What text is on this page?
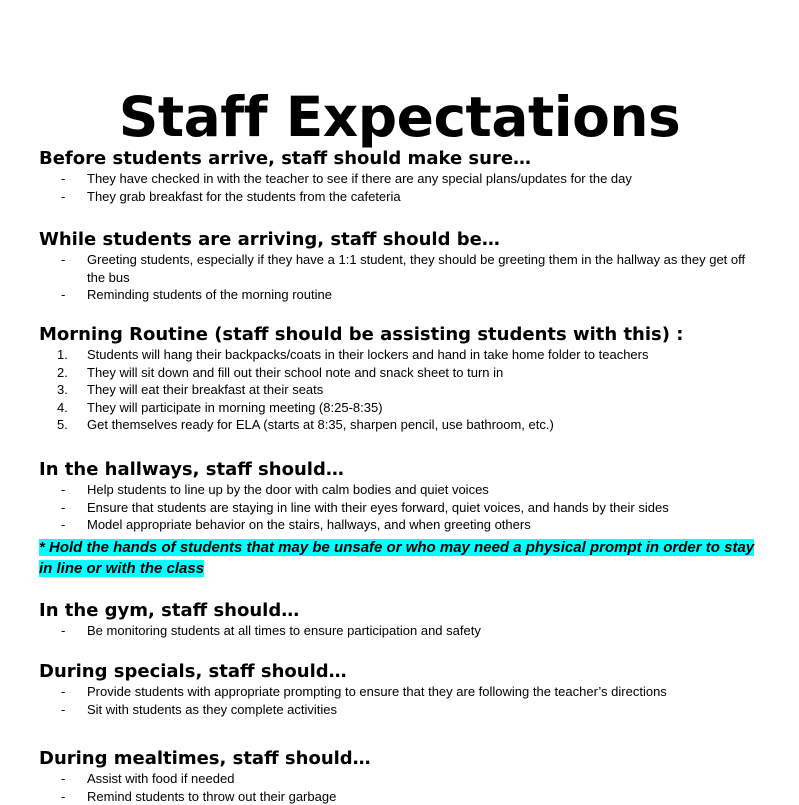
Staff Expectations
Before students arrive, staff should make sure…
-	They have checked in with the teacher to see if there are any special plans/updates for the day
-	They grab breakfast for the students from the cafeteria
While students are arriving, staff should be…
-	Greeting students, especially if they have a 1:1 student, they should be greeting them in the hallway as they get off the bus
-	Reminding students of the morning routine
Morning Routine (staff should be assisting students with this) :
1.	Students will hang their backpacks/coats in their lockers and hand in take home folder to teachers
2.	They will sit down and fill out their school note and snack sheet to turn in
3.	They will eat their breakfast at their seats
4.	They will participate in morning meeting (8:25-8:35)
5.	Get themselves ready for ELA (starts at 8:35, sharpen pencil, use bathroom, etc.)
In the hallways, staff should…
-	Help students to line up by the door with calm bodies and quiet voices
-	Ensure that students are staying in line with their eyes forward, quiet voices, and hands by their sides
-	Model appropriate behavior on the stairs, hallways, and when greeting others
* Hold the hands of students that may be unsafe or who may need a physical prompt in order to stay in line or with the class
In the gym, staff should…
-	Be monitoring students at all times to ensure participation and safety
During specials, staff should…
-	Provide students with appropriate prompting to ensure that they are following the teacher’s directions
-	Sit with students as they complete activities
During mealtimes, staff should…
-	Assist with food if needed
-	Remind students to throw out their garbage
